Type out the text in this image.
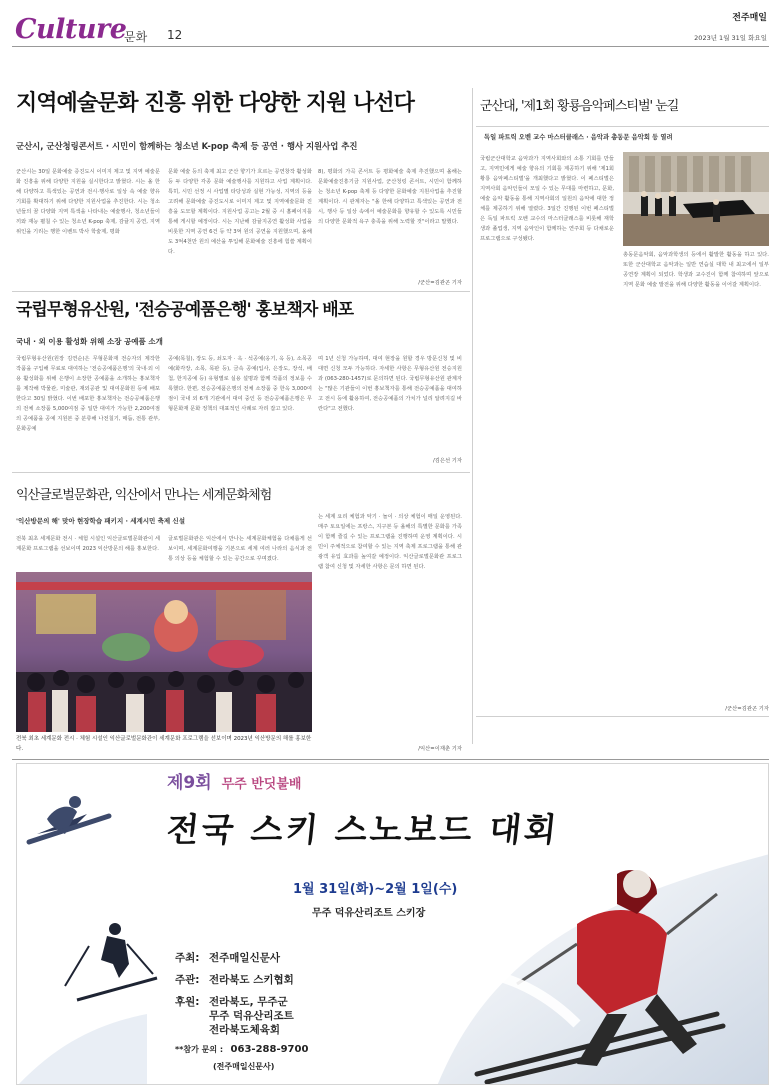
Culture
문화 12
전주매일
2023년 1월 31일 화요일
지역예술문화 진흥 위한 다양한 지원 나선다
군산시, 군산청링콘서트 · 시민이 함께하는 청소년 K-pop 축제 등 공연 · 행사 지원사업 추진
군산시는 30일 문화예술 증진도시 이미지 제고 및 지역 예술문화 진흥을 위해 다양한 지원을 실시한다고 밝혔다. 시는 올 한해 다양하고 특색있는 공연과 전시·행사로 일상 속 예술 향유 기회를 확대하기 위해 다양한 지원사업을 추진한다. 시는 청소년들의 꿈 다양화 지역 특색을 나타내는 예술행사, 청소년들이 끼와 재능 펼칠 수 있는 청소년 K-pop 축제, 감귤지 공연, 지역 위인을 기리는 행한 이벤트 박사 학술제, 평화
문화 예술 등의 축제 최고 군산 향기가 흐르는 공연창작 활성화 등 두 다양한 각종 문화 예술행사를 지원하고 사업 계획이다. 특히, 시민 선정 시 사업별 타당성과 실현 가능성, 지역의 등을 고려해 문화예술 증진도시로 이미지 제고 및 지역예술문화 진흥을 도모할 계획이다. 지원사업 공고는 2월 중 시 홈페이지를 통해 게시할 예정이다. 시는 지난해 감귤지공연 활성화 사업을 비롯한 지역 공연 6건 등 약 3억 원의 공연을 지원했으며, 올해도 3억4천만 원의 예산을 투입해 문화예술 진흥에 힘쓸 계획이다.
8), 평화의 가곡 콘서트 등 평화예술 축제 추진했으며 올해는 문화예술진흥기금 지원사업, 군산청링 콘서트, 시민이 함께하는 청소년 K-pop 축제 등 다양한 문화예술 지원사업을 추진할 계획이다. 시 관계자는 "올 한해 다양하고 특색있는 공연과 전시, 행사 등 일상 속에서 예술문화를 향유할 수 있도록 시민들의 다양한 문화적 욕구 충족을 위해 노력할 것"이라고 말했다.
/군산=김관곤 기자
국립무형유산원, '전승공예품은행' 홍보책자 배포
국내 · 외 이용 활성화 위해 소장 공예품 소개
국립무형유산원(원장 김연순)은 무형문화재 전승자의 제작한 작품을 구입해 무료로 대여하는 '전승공예품은행'의 국내·외 이용 활성화를 위해 은행이 소장한 공예품을 소개하는 홍보책자를 제작해 박물관, 미술관, 재외공관 및 대여문화원 등에 배포한다고 30일 밝혔다. 이번 배포한 홍보책자는 전승공예품은행의 전체 소장품 5,000여점 중 일반 대여가 가능한 2,200여점의 공예품을 공예 지원본 중 분류해 나전칠기, 매듭, 전통 관부, 문화공예
공예(목칠), 장도 등, 쇠도자 · 옥 · 석공예(옹기, 옥 등), 소목공예(화각장, 소목, 목판 등), 금속 공예(입사, 은장도, 장석, 배첩, 한지공예 등) 유형별로 실용 설명과 함께 작품의 정보를 수록했다. 한편, 전승공예품은행의 전체 소장품 중 한옥 3,000여 점이 국내 외 6개 기관에서 대여 중인 등 전승공예품은행은 무형문화재 문화 정책의 대표적인 사례로 자리 잡고 있다.
며 1년 신청 가능하며, 대여 현장을 원할 경우 방문신청 및 비대면 신청 모두 가능하다. 자세한 사항은 무형유산원 전승지원과 (063-280-1457)로 문의하면 된다. 국립무형유산원 관계자는 "많은 기관들이 이번 홍보책자를 통해 전승공예품을 대여하고 전시 등에 활용하여, 전승공예품의 가치가 널리 알려지길 바란다"고 전했다.
/김은선 기자
익산글로벌문화관, 익산에서 만나는 세계문화체험
'익산방문의 해' 맞아 현장학습 패키지 · 세계시민 축제 신설
전북 최초 세계문화 전시 · 체험 시설인 익산글로벌문화관이 세계문화 프로그램을 선보이며 2023 익산방문의 해를 홍보한다.
글로벌문화관은 익산에서 만나는 세계문화체험을 다채롭게 선보이며, 세계문화여행을 기본으로 세계 여러 나라의 음식과 전통 의상 등을 체험할 수 있는 공간으로 꾸며졌다.
는 세계 요리 체험과 악기 · 놀이 · 의상 체험이 매일 운영된다. 매주 토요일에는 프랑스, 지구본 등 올해의 특별한 문화를 가족이 함께 즐길 수 있는 프로그램을 진행하며 운영 계획이다. 시민이 주체적으로 참여할 수 있는 지역 축제 프로그램을 통해 관광객 유입 효과를 높여갈 예정이다. 익산글로벌문화관 프로그램 참여 신청 및 자세한 사항은 문의 하면 된다.
/익산=이재춘 기자
전북 최초 세계문화 전시 · 체험 시설인 익산글로벌문화관이 세계문화 프로그램을 선보이며 2023년 익산방문의 해를 홍보한다.
군산대, '제1회 황룡음악페스티벌' 눈길
독일 파트릭 오벤 교수 마스터클래스 · 음악과 총동문 음악회 등 열려
국립군산대학교 음악과가 지역사회와의 소통 기회를 만들고, 지역민에게 예술 향유의 기회를 제공하기 위해 '제1회 황룡 음악페스티벌'을 개최했다고 밝혔다. 이 페스티벌은 지역사회 음악인들이 모일 수 있는 무대를 마련하고, 문화, 예술 음악 활동을 통해 지역사회의 일원의 음악에 대한 정체를 제공하기 위해 열렸다. 3일간 진행된 이번 페스티벌은 독일 파트릭 오벤 교수의 마스터클래스를 비롯해 재학생과 졸업생, 지역 음악인이 함께하는 연주회 등 다채로운 프로그램으로 구성됐다.
총동문음악회, 음악과학생의 등에서 활발한 활동을 하고 있다. 또한 군산대학교 음악과는 일반 연습실 대학 내 최고에서 일부 공연장 계획이 되었다. 학생과 교수진이 함께 참여하며 앞으로 지역 문화 예술 발전을 위해 다양한 활동을 이어갈 계획이다.
/군산=김관곤 기자
제9회 무주 반딧불배
전국 스키 스노보드 대회
1월 31일(화)~2월 1일(수)
무주 덕유산리조트 스키장
주최: 전주매일신문사
주관: 전라북도 스키협회
후원: 전라북도, 무주군
무주 덕유산리조트
전라북도체육회
**참가 문의 : 063-288-9700
(전주매일신문사)
